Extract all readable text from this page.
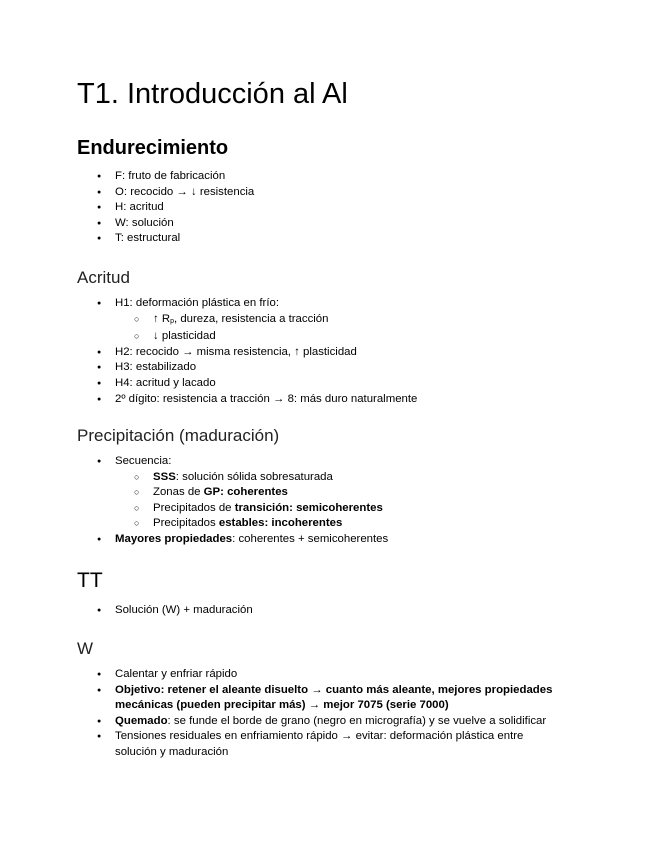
T1. Introducción al Al
Endurecimiento
● F: fruto de fabricación
● O: recocido → ↓ resistencia
● H: acritud
● W: solución
● T: estructural
Acritud
● H1: deformación plástica en frío:
○ ↑ $R_p$, dureza, resistencia a tracción
○ ↓ plasticidad
● H2: recocido → misma resistencia, ↑ plasticidad
● H3: estabilizado
● H4: acritud y lacado
● 2º dígito: resistencia a tracción → 8: más duro naturalmente
Precipitación (maduración)
● Secuencia:
○ SSS: solución sólida sobresaturada
○ Zonas de GP: coherentes
○ Precipitados de transición: semicoherentes
○ Precipitados estables: incoherentes
● Mayores propiedades: coherentes + semicoherentes
TT
● Solución (W) + maduración
W
● Calentar y enfriar rápido
● Objetivo: retener el aleante disuelto → cuanto más aleante, mejores propiedades
mecánicas (pueden precipitar más) → mejor 7075 (serie 7000)
● Quemado: se funde el borde de grano (negro en micrografía) y se vuelve a solidificar
● Tensiones residuales en enfriamiento rápido → evitar: deformación plástica entre
solución y maduración
